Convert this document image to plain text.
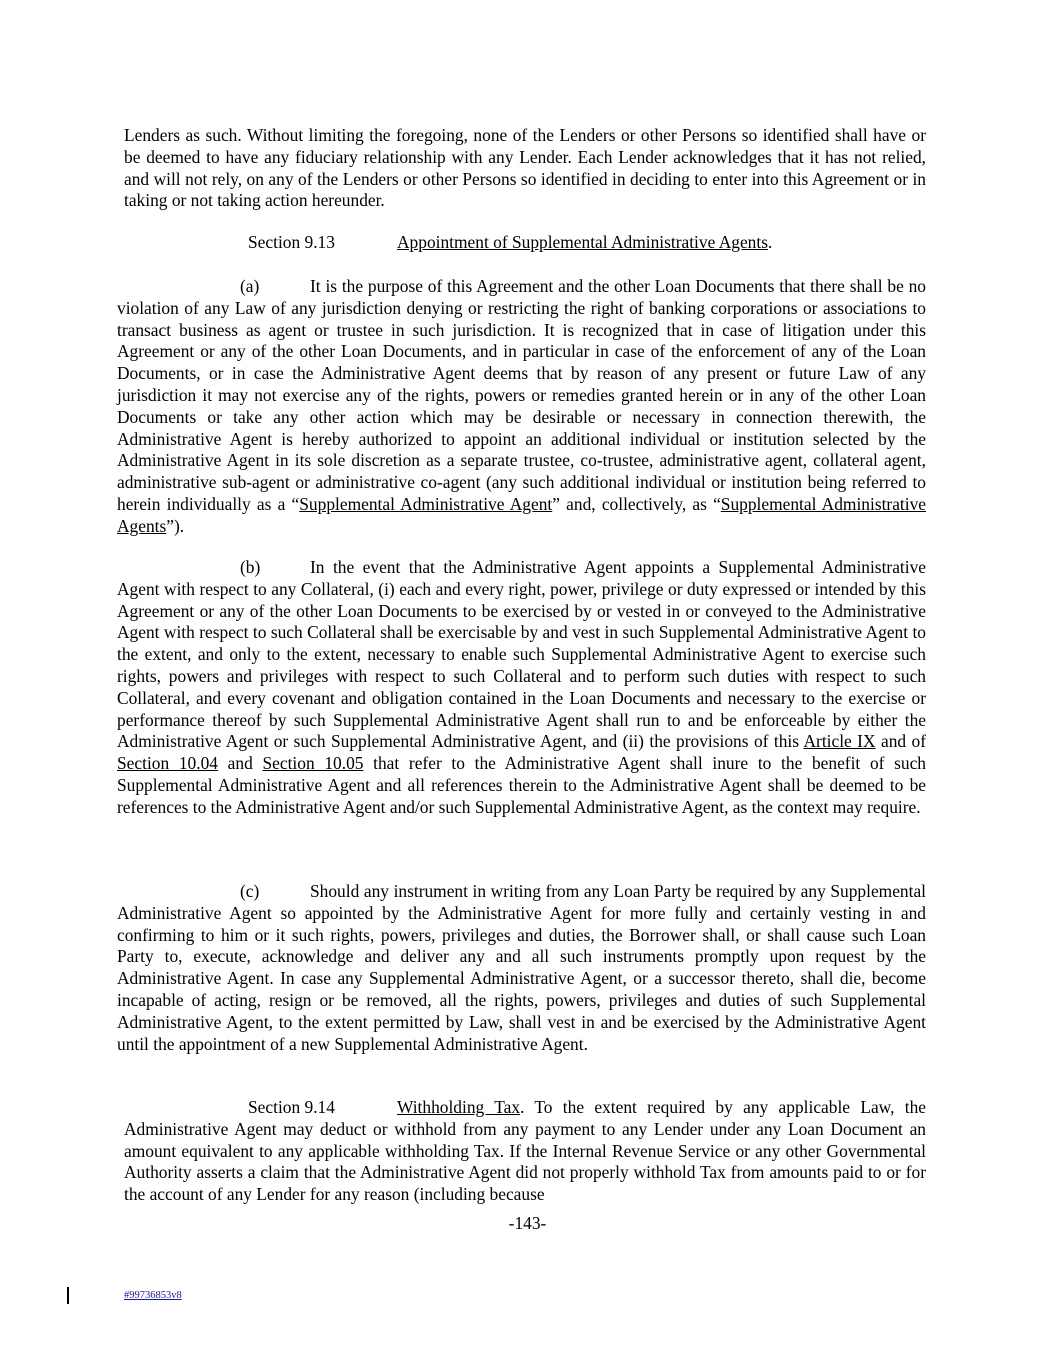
Lenders as such. Without limiting the foregoing, none of the Lenders or other Persons so identified shall have or be deemed to have any fiduciary relationship with any Lender. Each Lender acknowledges that it has not relied, and will not rely, on any of the Lenders or other Persons so identified in deciding to enter into this Agreement or in taking or not taking action hereunder.
Section 9.13	Appointment of Supplemental Administrative Agents.
(a)	It is the purpose of this Agreement and the other Loan Documents that there shall be no violation of any Law of any jurisdiction denying or restricting the right of banking corporations or associations to transact business as agent or trustee in such jurisdiction. It is recognized that in case of litigation under this Agreement or any of the other Loan Documents, and in particular in case of the enforcement of any of the Loan Documents, or in case the Administrative Agent deems that by reason of any present or future Law of any jurisdiction it may not exercise any of the rights, powers or remedies granted herein or in any of the other Loan Documents or take any other action which may be desirable or necessary in connection therewith, the Administrative Agent is hereby authorized to appoint an additional individual or institution selected by the Administrative Agent in its sole discretion as a separate trustee, co-trustee, administrative agent, collateral agent, administrative sub-agent or administrative co-agent (any such additional individual or institution being referred to herein individually as a “Supplemental Administrative Agent” and, collectively, as “Supplemental Administrative Agents”).
(b)	In the event that the Administrative Agent appoints a Supplemental Administrative Agent with respect to any Collateral, (i) each and every right, power, privilege or duty expressed or intended by this Agreement or any of the other Loan Documents to be exercised by or vested in or conveyed to the Administrative Agent with respect to such Collateral shall be exercisable by and vest in such Supplemental Administrative Agent to the extent, and only to the extent, necessary to enable such Supplemental Administrative Agent to exercise such rights, powers and privileges with respect to such Collateral and to perform such duties with respect to such Collateral, and every covenant and obligation contained in the Loan Documents and necessary to the exercise or performance thereof by such Supplemental Administrative Agent shall run to and be enforceable by either the Administrative Agent or such Supplemental Administrative Agent, and (ii) the provisions of this Article IX and of Section 10.04 and Section 10.05 that refer to the Administrative Agent shall inure to the benefit of such Supplemental Administrative Agent and all references therein to the Administrative Agent shall be deemed to be references to the Administrative Agent and/or such Supplemental Administrative Agent, as the context may require.
(c)	Should any instrument in writing from any Loan Party be required by any Supplemental Administrative Agent so appointed by the Administrative Agent for more fully and certainly vesting in and confirming to him or it such rights, powers, privileges and duties, the Borrower shall, or shall cause such Loan Party to, execute, acknowledge and deliver any and all such instruments promptly upon request by the Administrative Agent. In case any Supplemental Administrative Agent, or a successor thereto, shall die, become incapable of acting, resign or be removed, all the rights, powers, privileges and duties of such Supplemental Administrative Agent, to the extent permitted by Law, shall vest in and be exercised by the Administrative Agent until the appointment of a new Supplemental Administrative Agent.
Section 9.14	Withholding Tax. To the extent required by any applicable Law, the Administrative Agent may deduct or withhold from any payment to any Lender under any Loan Document an amount equivalent to any applicable withholding Tax. If the Internal Revenue Service or any other Governmental Authority asserts a claim that the Administrative Agent did not properly withhold Tax from amounts paid to or for the account of any Lender for any reason (including because
-143-
#99736853v8
